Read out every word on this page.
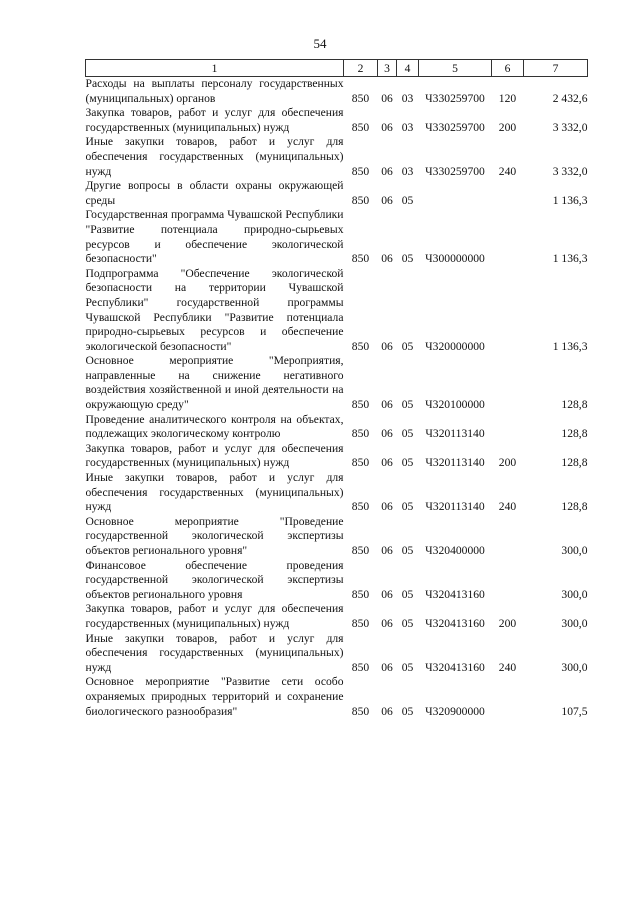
54
1	2	3	4	5	6	7
Расходы на выплаты персоналу государственных (муниципальных) органов	850	06	03	Ч330259700	120	2 432,6
Закупка товаров, работ и услуг для обеспечения государственных (муниципальных) нужд	850	06	03	Ч330259700	200	3 332,0
Иные закупки товаров, работ и услуг для обеспечения государственных (муниципальных) нужд	850	06	03	Ч330259700	240	3 332,0
Другие вопросы в области охраны окружающей среды	850	06	05			1 136,3
Государственная программа Чувашской Республики "Развитие потенциала природно-сырьевых ресурсов и обеспечение экологической безопасности"	850	06	05	Ч300000000		1 136,3
Подпрограмма "Обеспечение экологической безопасности на территории Чувашской Республики" государственной программы Чувашской Республики "Развитие потенциала природно-сырьевых ресурсов и обеспечение экологической безопасности"	850	06	05	Ч320000000		1 136,3
Основное мероприятие "Мероприятия, направленные на снижение негативного воздействия хозяйственной и иной деятельности на окружающую среду"	850	06	05	Ч320100000		128,8
Проведение аналитического контроля на объектах, подлежащих экологическому контролю	850	06	05	Ч320113140		128,8
Закупка товаров, работ и услуг для обеспечения государственных (муниципальных) нужд	850	06	05	Ч320113140	200	128,8
Иные закупки товаров, работ и услуг для обеспечения государственных (муниципальных) нужд	850	06	05	Ч320113140	240	128,8
Основное мероприятие "Проведение государственной экологической экспертизы объектов регионального уровня"	850	06	05	Ч320400000		300,0
Финансовое обеспечение проведения государственной экологической экспертизы объектов регионального уровня	850	06	05	Ч320413160		300,0
Закупка товаров, работ и услуг для обеспечения государственных (муниципальных) нужд	850	06	05	Ч320413160	200	300,0
Иные закупки товаров, работ и услуг для обеспечения государственных (муниципальных) нужд	850	06	05	Ч320413160	240	300,0
Основное мероприятие "Развитие сети особо охраняемых природных территорий и сохранение биологического разнообразия"	850	06	05	Ч320900000		107,5
